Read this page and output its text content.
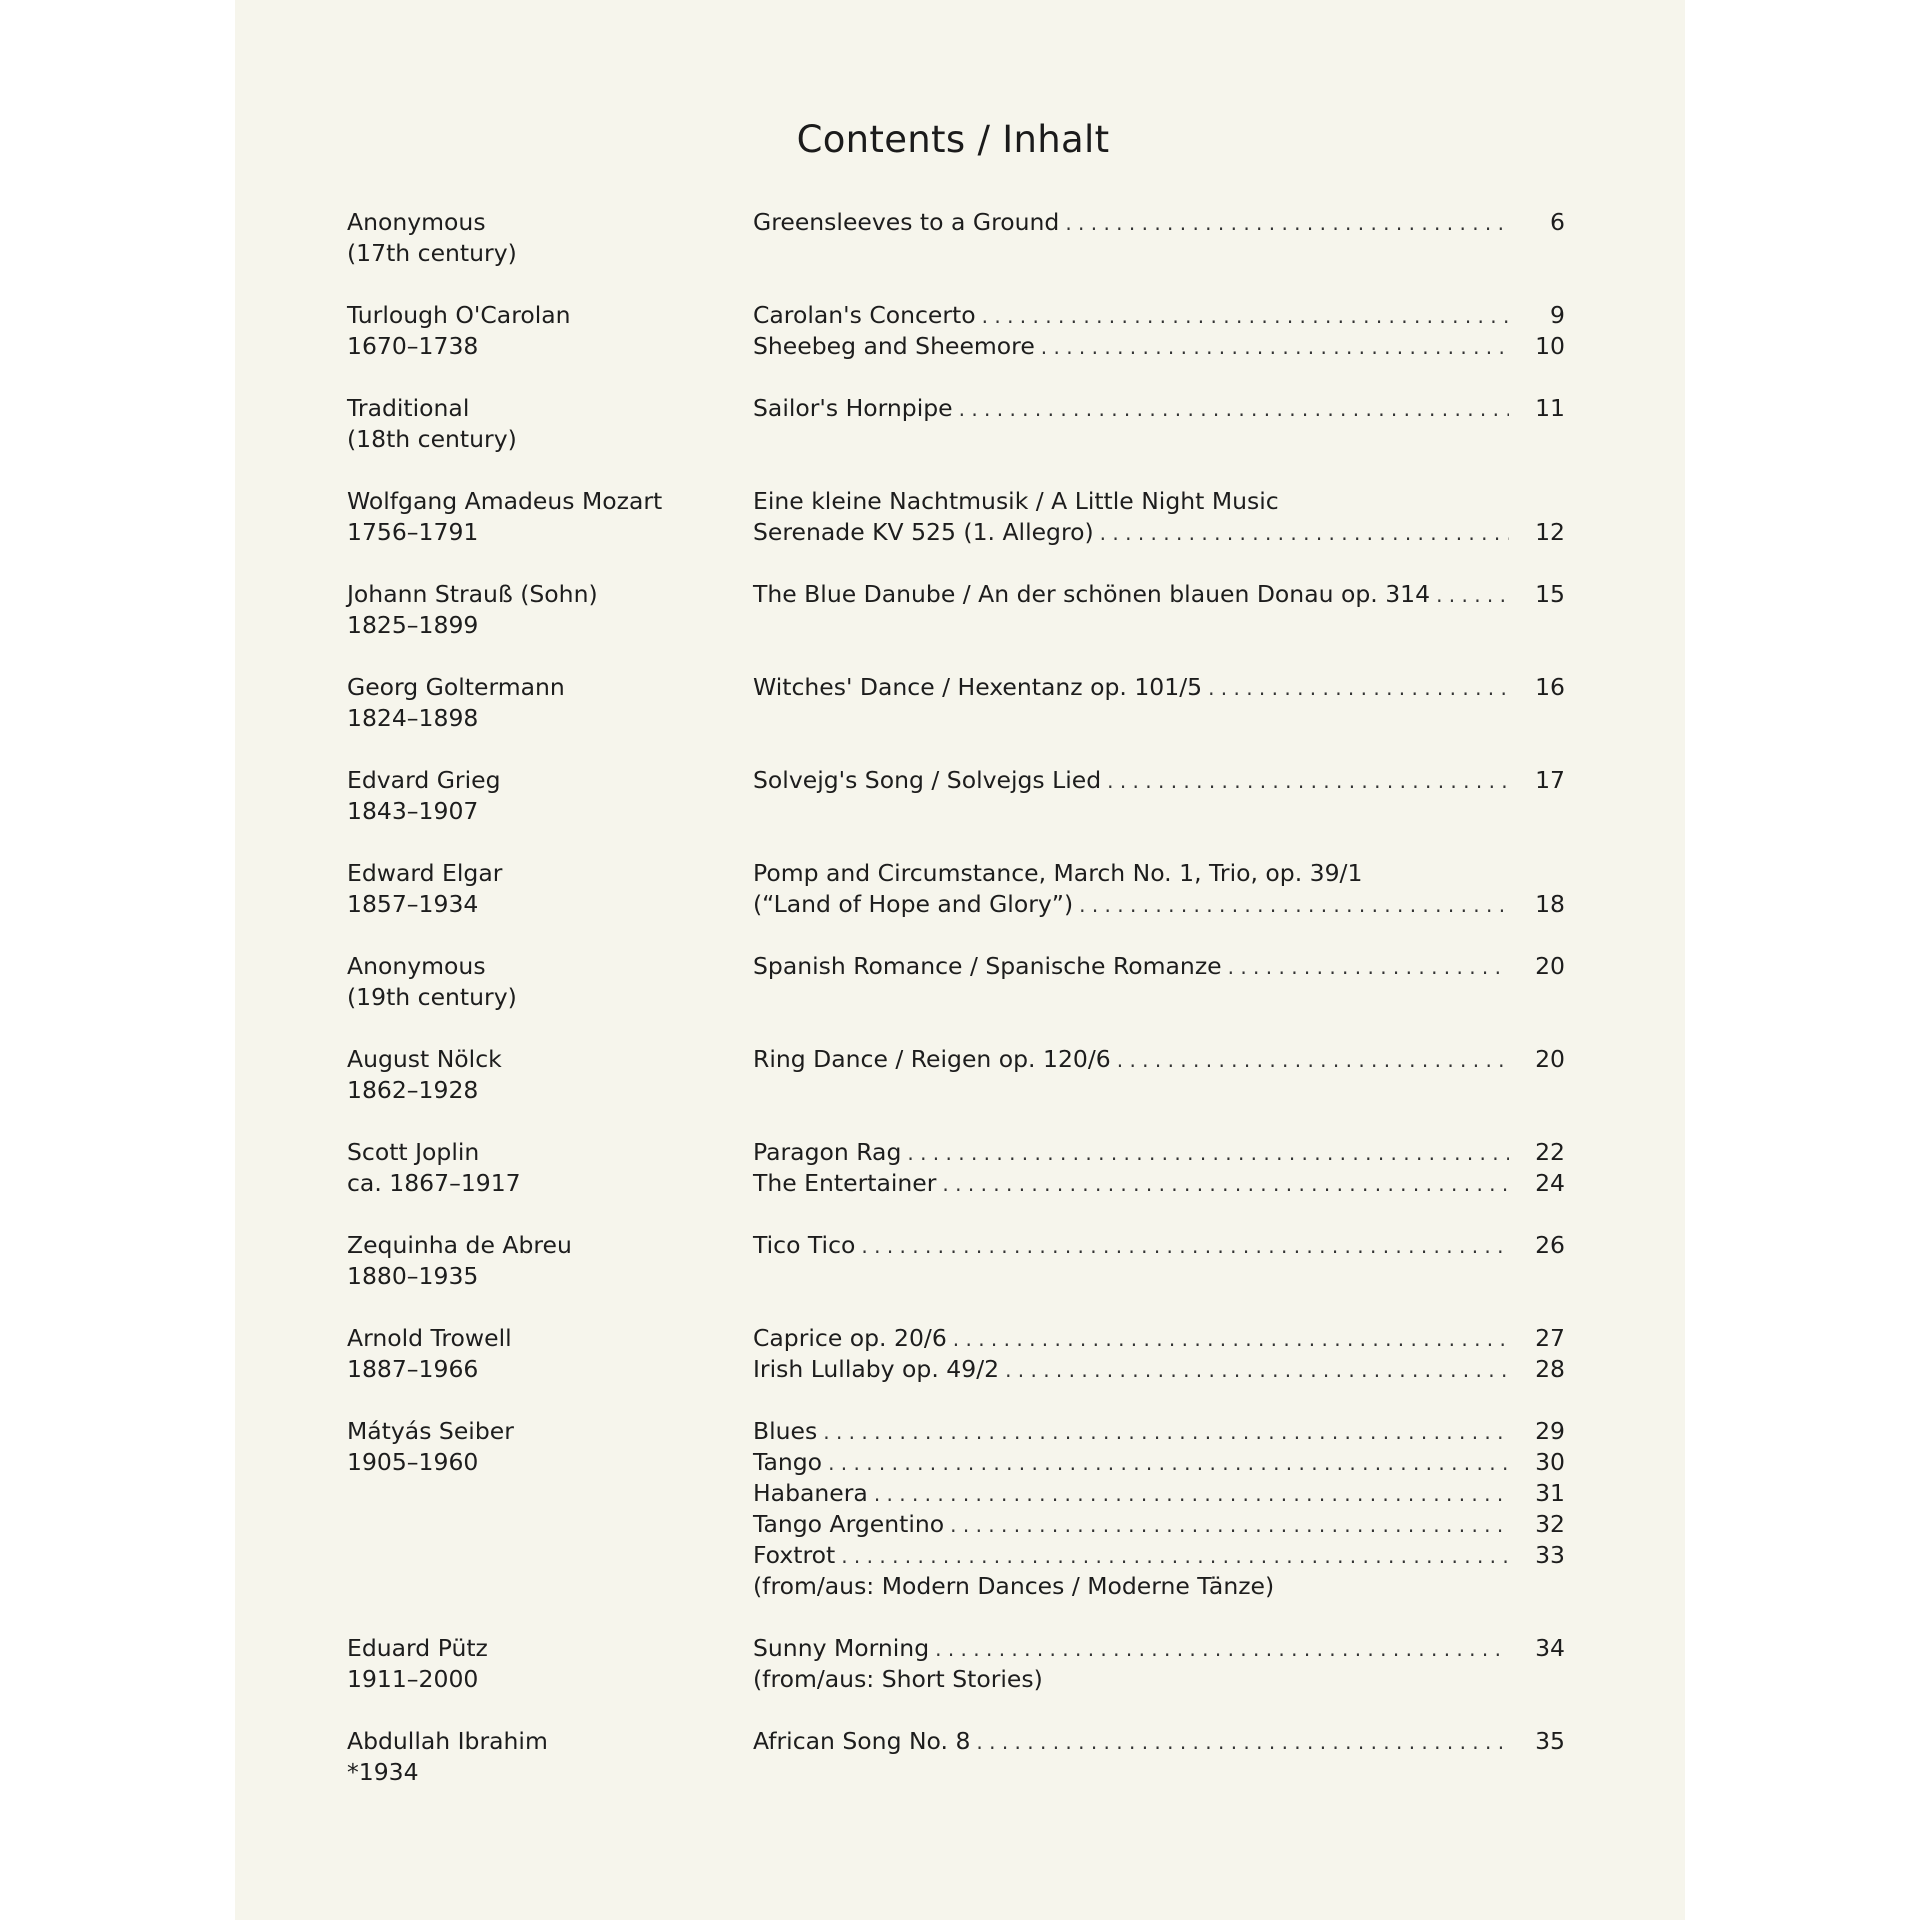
Contents / Inhalt
Anonymous
(17th century)
Greensleeves to a Ground . . .	6
Turlough O'Carolan
1670–1738
Carolan's Concerto . . .	9
Sheebeg and Sheemore . . .	10
Traditional
(18th century)
Sailor's Hornpipe . . .	11
Wolfgang Amadeus Mozart
1756–1791
Eine kleine Nachtmusik / A Little Night Music
Serenade KV 525 (1. Allegro) . . .	12
Johann Strauß (Sohn)
1825–1899
The Blue Danube / An der schönen blauen Donau op. 314 . . .	15
Georg Goltermann
1824–1898
Witches' Dance / Hexentanz op. 101/5 . . .	16
Edvard Grieg
1843–1907
Solvejg's Song / Solvejgs Lied . . .	17
Edward Elgar
1857–1934
Pomp and Circumstance, March No. 1, Trio, op. 39/1
(“Land of Hope and Glory”) . . .	18
Anonymous
(19th century)
Spanish Romance / Spanische Romanze . . .	20
August Nölck
1862–1928
Ring Dance / Reigen op. 120/6 . . .	20
Scott Joplin
ca. 1867–1917
Paragon Rag . . .	22
The Entertainer . . .	24
Zequinha de Abreu
1880–1935
Tico Tico . . .	26
Arnold Trowell
1887–1966
Caprice op. 20/6 . . .	27
Irish Lullaby op. 49/2 . . .	28
Mátyás Seiber
1905–1960
Blues . . .	29
Tango . . .	30
Habanera . . .	31
Tango Argentino . . .	32
Foxtrot . . .	33
(from/aus: Modern Dances / Moderne Tänze)
Eduard Pütz
1911–2000
Sunny Morning . . .	34
(from/aus: Short Stories)
Abdullah Ibrahim
*1934
African Song No. 8 . . .	35
